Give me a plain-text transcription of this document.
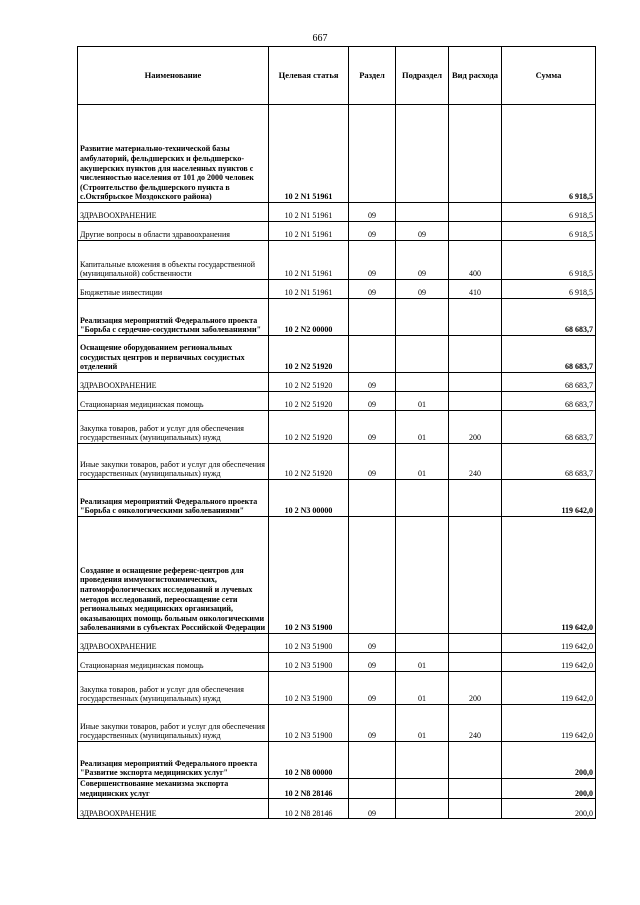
667
Наименование	Целевая статья	Раздел	Подраздел	Вид расхода	Сумма
Развитие материально-технической базы амбулаторий, фельдшерских и фельдшерско-акушерских пунктов для населенных пунктов с численностью населения от 101 до 2000 человек (Строительство фельдшерского пункта в с.Октябрьское Моздокского района)	10 2 N1 51961				6 918,5
ЗДРАВООХРАНЕНИЕ	10 2 N1 51961	09			6 918,5
Другие вопросы в области здравоохранения	10 2 N1 51961	09	09		6 918,5
Капитальные вложения в объекты государственной (муниципальной) собственности	10 2 N1 51961	09	09	400	6 918,5
Бюджетные инвестиции	10 2 N1 51961	09	09	410	6 918,5
Реализация мероприятий Федерального проекта "Борьба с сердечно-сосудистыми заболеваниями"	10 2 N2 00000				68 683,7
Оснащение оборудованием региональных сосудистых центров и первичных сосудистых отделений	10 2 N2 51920				68 683,7
ЗДРАВООХРАНЕНИЕ	10 2 N2 51920	09			68 683,7
Стационарная медицинская помощь	10 2 N2 51920	09	01		68 683,7
Закупка товаров, работ и услуг для обеспечения государственных (муниципальных) нужд	10 2 N2 51920	09	01	200	68 683,7
Иные закупки товаров, работ и услуг для обеспечения государственных (муниципальных) нужд	10 2 N2 51920	09	01	240	68 683,7
Реализация мероприятий Федерального проекта "Борьба с онкологическими заболеваниями"	10 2 N3 00000				119 642,0
Создание и оснащение референс-центров для проведения иммуногистохимических, патоморфологических исследований и лучевых методов исследований, переоснащение сети региональных медицинских организаций, оказывающих помощь больным онкологическими заболеваниями в субъектах Российской Федерации	10 2 N3 51900				119 642,0
ЗДРАВООХРАНЕНИЕ	10 2 N3 51900	09			119 642,0
Стационарная медицинская помощь	10 2 N3 51900	09	01		119 642,0
Закупка товаров, работ и услуг для обеспечения государственных (муниципальных) нужд	10 2 N3 51900	09	01	200	119 642,0
Иные закупки товаров, работ и услуг для обеспечения государственных (муниципальных) нужд	10 2 N3 51900	09	01	240	119 642,0
Реализация мероприятий Федерального проекта "Развитие экспорта медицинских услуг"	10 2 N8 00000				200,0
Совершенствование механизма экспорта медицинских услуг	10 2 N8 28146				200,0
ЗДРАВООХРАНЕНИЕ	10 2 N8 28146	09			200,0
